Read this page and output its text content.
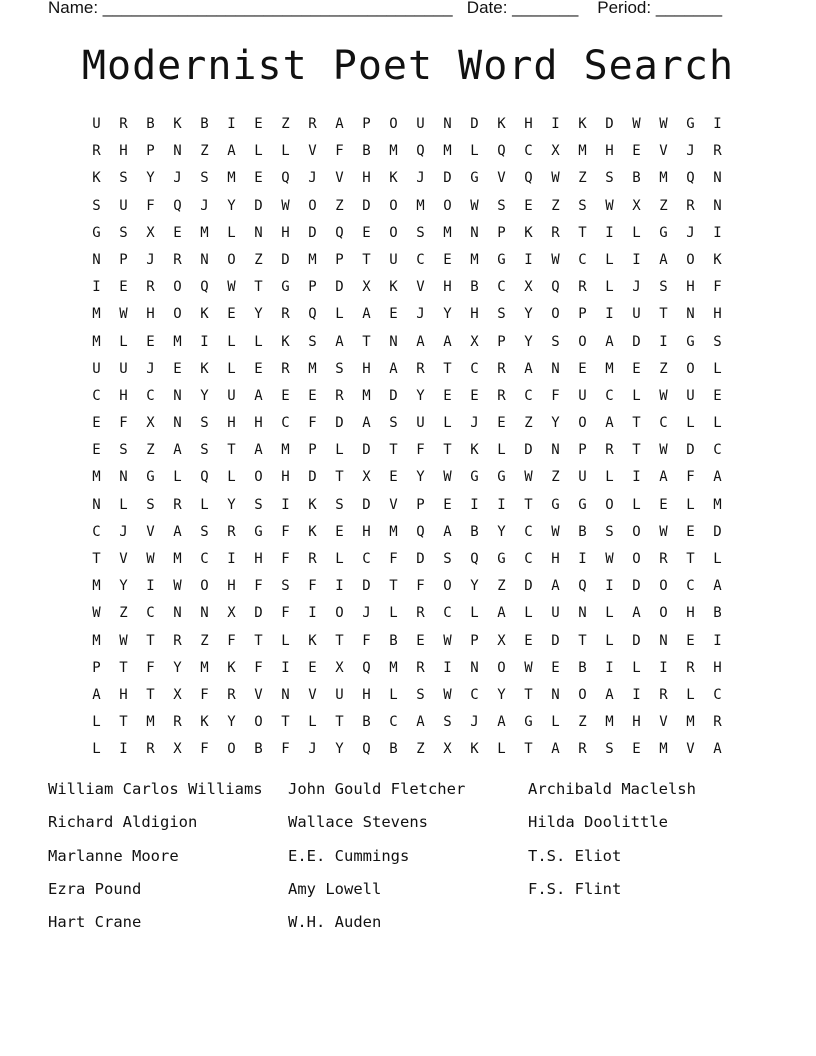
Name: _____________________________________ Date: _______ Period: _______
Modernist Poet Word Search
U	R	B	K	B	I	E	Z	R	A	P	O	U	N	D	K	H	I	K	D	W	W	G	I
R	H	P	N	Z	A	L	L	V	F	B	M	Q	M	L	Q	C	X	M	H	E	V	J	R
K	S	Y	J	S	M	E	Q	J	V	H	K	J	D	G	V	Q	W	Z	S	B	M	Q	N
S	U	F	Q	J	Y	D	W	O	Z	D	O	M	O	W	S	E	Z	S	W	X	Z	R	N
G	S	X	E	M	L	N	H	D	Q	E	O	S	M	N	P	K	R	T	I	L	G	J	I
N	P	J	R	N	O	Z	D	M	P	T	U	C	E	M	G	I	W	C	L	I	A	O	K
I	E	R	O	Q	W	T	G	P	D	X	K	V	H	B	C	X	Q	R	L	J	S	H	F
M	W	H	O	K	E	Y	R	Q	L	A	E	J	Y	H	S	Y	O	P	I	U	T	N	H
M	L	E	M	I	L	L	K	S	A	T	N	A	A	X	P	Y	S	O	A	D	I	G	S
U	U	J	E	K	L	E	R	M	S	H	A	R	T	C	R	A	N	E	M	E	Z	O	L
C	H	C	N	Y	U	A	E	E	R	M	D	Y	E	E	R	C	F	U	C	L	W	U	E
E	F	X	N	S	H	H	C	F	D	A	S	U	L	J	E	Z	Y	O	A	T	C	L	L
E	S	Z	A	S	T	A	M	P	L	D	T	F	T	K	L	D	N	P	R	T	W	D	C
M	N	G	L	Q	L	O	H	D	T	X	E	Y	W	G	G	W	Z	U	L	I	A	F	A
N	L	S	R	L	Y	S	I	K	S	D	V	P	E	I	I	T	G	G	O	L	E	L	M
C	J	V	A	S	R	G	F	K	E	H	M	Q	A	B	Y	C	W	B	S	O	W	E	D
T	V	W	M	C	I	H	F	R	L	C	F	D	S	Q	G	C	H	I	W	O	R	T	L
M	Y	I	W	O	H	F	S	F	I	D	T	F	O	Y	Z	D	A	Q	I	D	O	C	A
W	Z	C	N	N	X	D	F	I	O	J	L	R	C	L	A	L	U	N	L	A	O	H	B
M	W	T	R	Z	F	T	L	K	T	F	B	E	W	P	X	E	D	T	L	D	N	E	I
P	T	F	Y	M	K	F	I	E	X	Q	M	R	I	N	O	W	E	B	I	L	I	R	H
A	H	T	X	F	R	V	N	V	U	H	L	S	W	C	Y	T	N	O	A	I	R	L	C
L	T	M	R	K	Y	O	T	L	T	B	C	A	S	J	A	G	L	Z	M	H	V	M	R
L	I	R	X	F	O	B	F	J	Y	Q	B	Z	X	K	L	T	A	R	S	E	M	V	A
William Carlos Williams	John Gould Fletcher	Archibald Maclelsh
Richard Aldigion	Wallace Stevens	Hilda Doolittle
Marlanne Moore	E.E. Cummings	T.S. Eliot
Ezra Pound	Amy Lowell	F.S. Flint
Hart Crane	W.H. Auden
